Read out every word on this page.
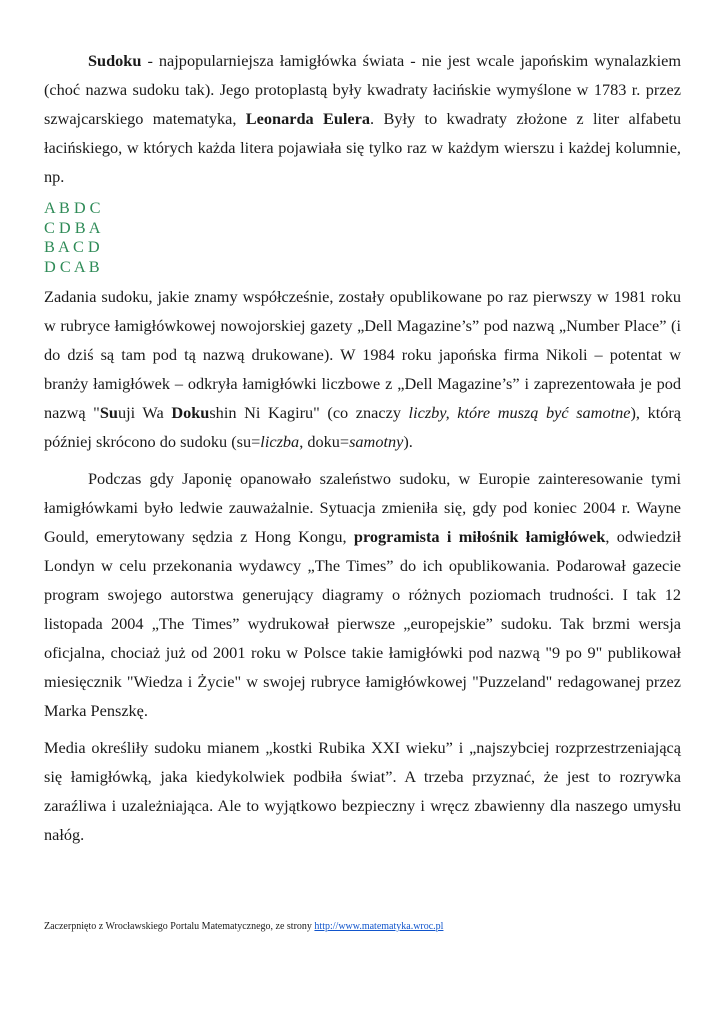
Sudoku - najpopularniejsza łamigłówka świata - nie jest wcale japońskim wynalazkiem (choć nazwa sudoku tak). Jego protoplastą były kwadraty łacińskie wymyślone w 1783 r. przez szwajcarskiego matematyka, Leonarda Eulera. Były to kwadraty złożone z liter alfabetu łacińskiego, w których każda litera pojawiała się tylko raz w każdym wierszu i każdej kolumnie, np.

A B D C

C D B A

B A C D

D C A B

Zadania sudoku, jakie znamy współcześnie, zostały opublikowane po raz pierwszy w 1981 roku w rubryce łamigłówkowej nowojorskiej gazety „Dell Magazine’s” pod nazwą „Number Place” (i do dziś są tam pod tą nazwą drukowane). W 1984 roku japońska firma Nikoli – potentat w branży łamigłówek – odkryła łamigłówki liczbowe z „Dell Magazine’s” i zaprezentowała je pod nazwą "Suuji Wa Dokushin Ni Kagiru" (co znaczy liczby, które muszą być samotne), którą później skrócono do sudoku (su=liczba, doku=samotny).

Podczas gdy Japonię opanowało szaleństwo sudoku, w Europie zainteresowanie tymi łamigłówkami było ledwie zauważalnie. Sytuacja zmieniła się, gdy pod koniec 2004 r. Wayne Gould, emerytowany sędzia z Hong Kongu, programista i miłośnik łamigłówek, odwiedził Londyn w celu przekonania wydawcy „The Times” do ich opublikowania. Podarował gazecie program swojego autorstwa generujący diagramy o różnych poziomach trudności. I tak 12 listopada 2004 „The Times” wydrukował pierwsze „europejskie” sudoku. Tak brzmi wersja oficjalna, chociaż już od 2001 roku w Polsce takie łamigłówki pod nazwą "9 po 9" publikował miesięcznik "Wiedza i Życie" w swojej rubryce łamigłówkowej "Puzzeland" redagowanej przez Marka Penszkę.

Media określiły sudoku mianem „kostki Rubika XXI wieku” i „najszybciej rozprzestrzeniającą się łamigłówką, jaka kiedykolwiek podbiła świat”. A trzeba przyznać, że jest to rozrywka zaraźliwa i uzależniająca. Ale to wyjątkowo bezpieczny i wręcz zbawienny dla naszego umysłu nałóg.

Zaczerpnięto z Wrocławskiego Portalu Matematycznego, ze strony http://www.matematyka.wroc.pl
